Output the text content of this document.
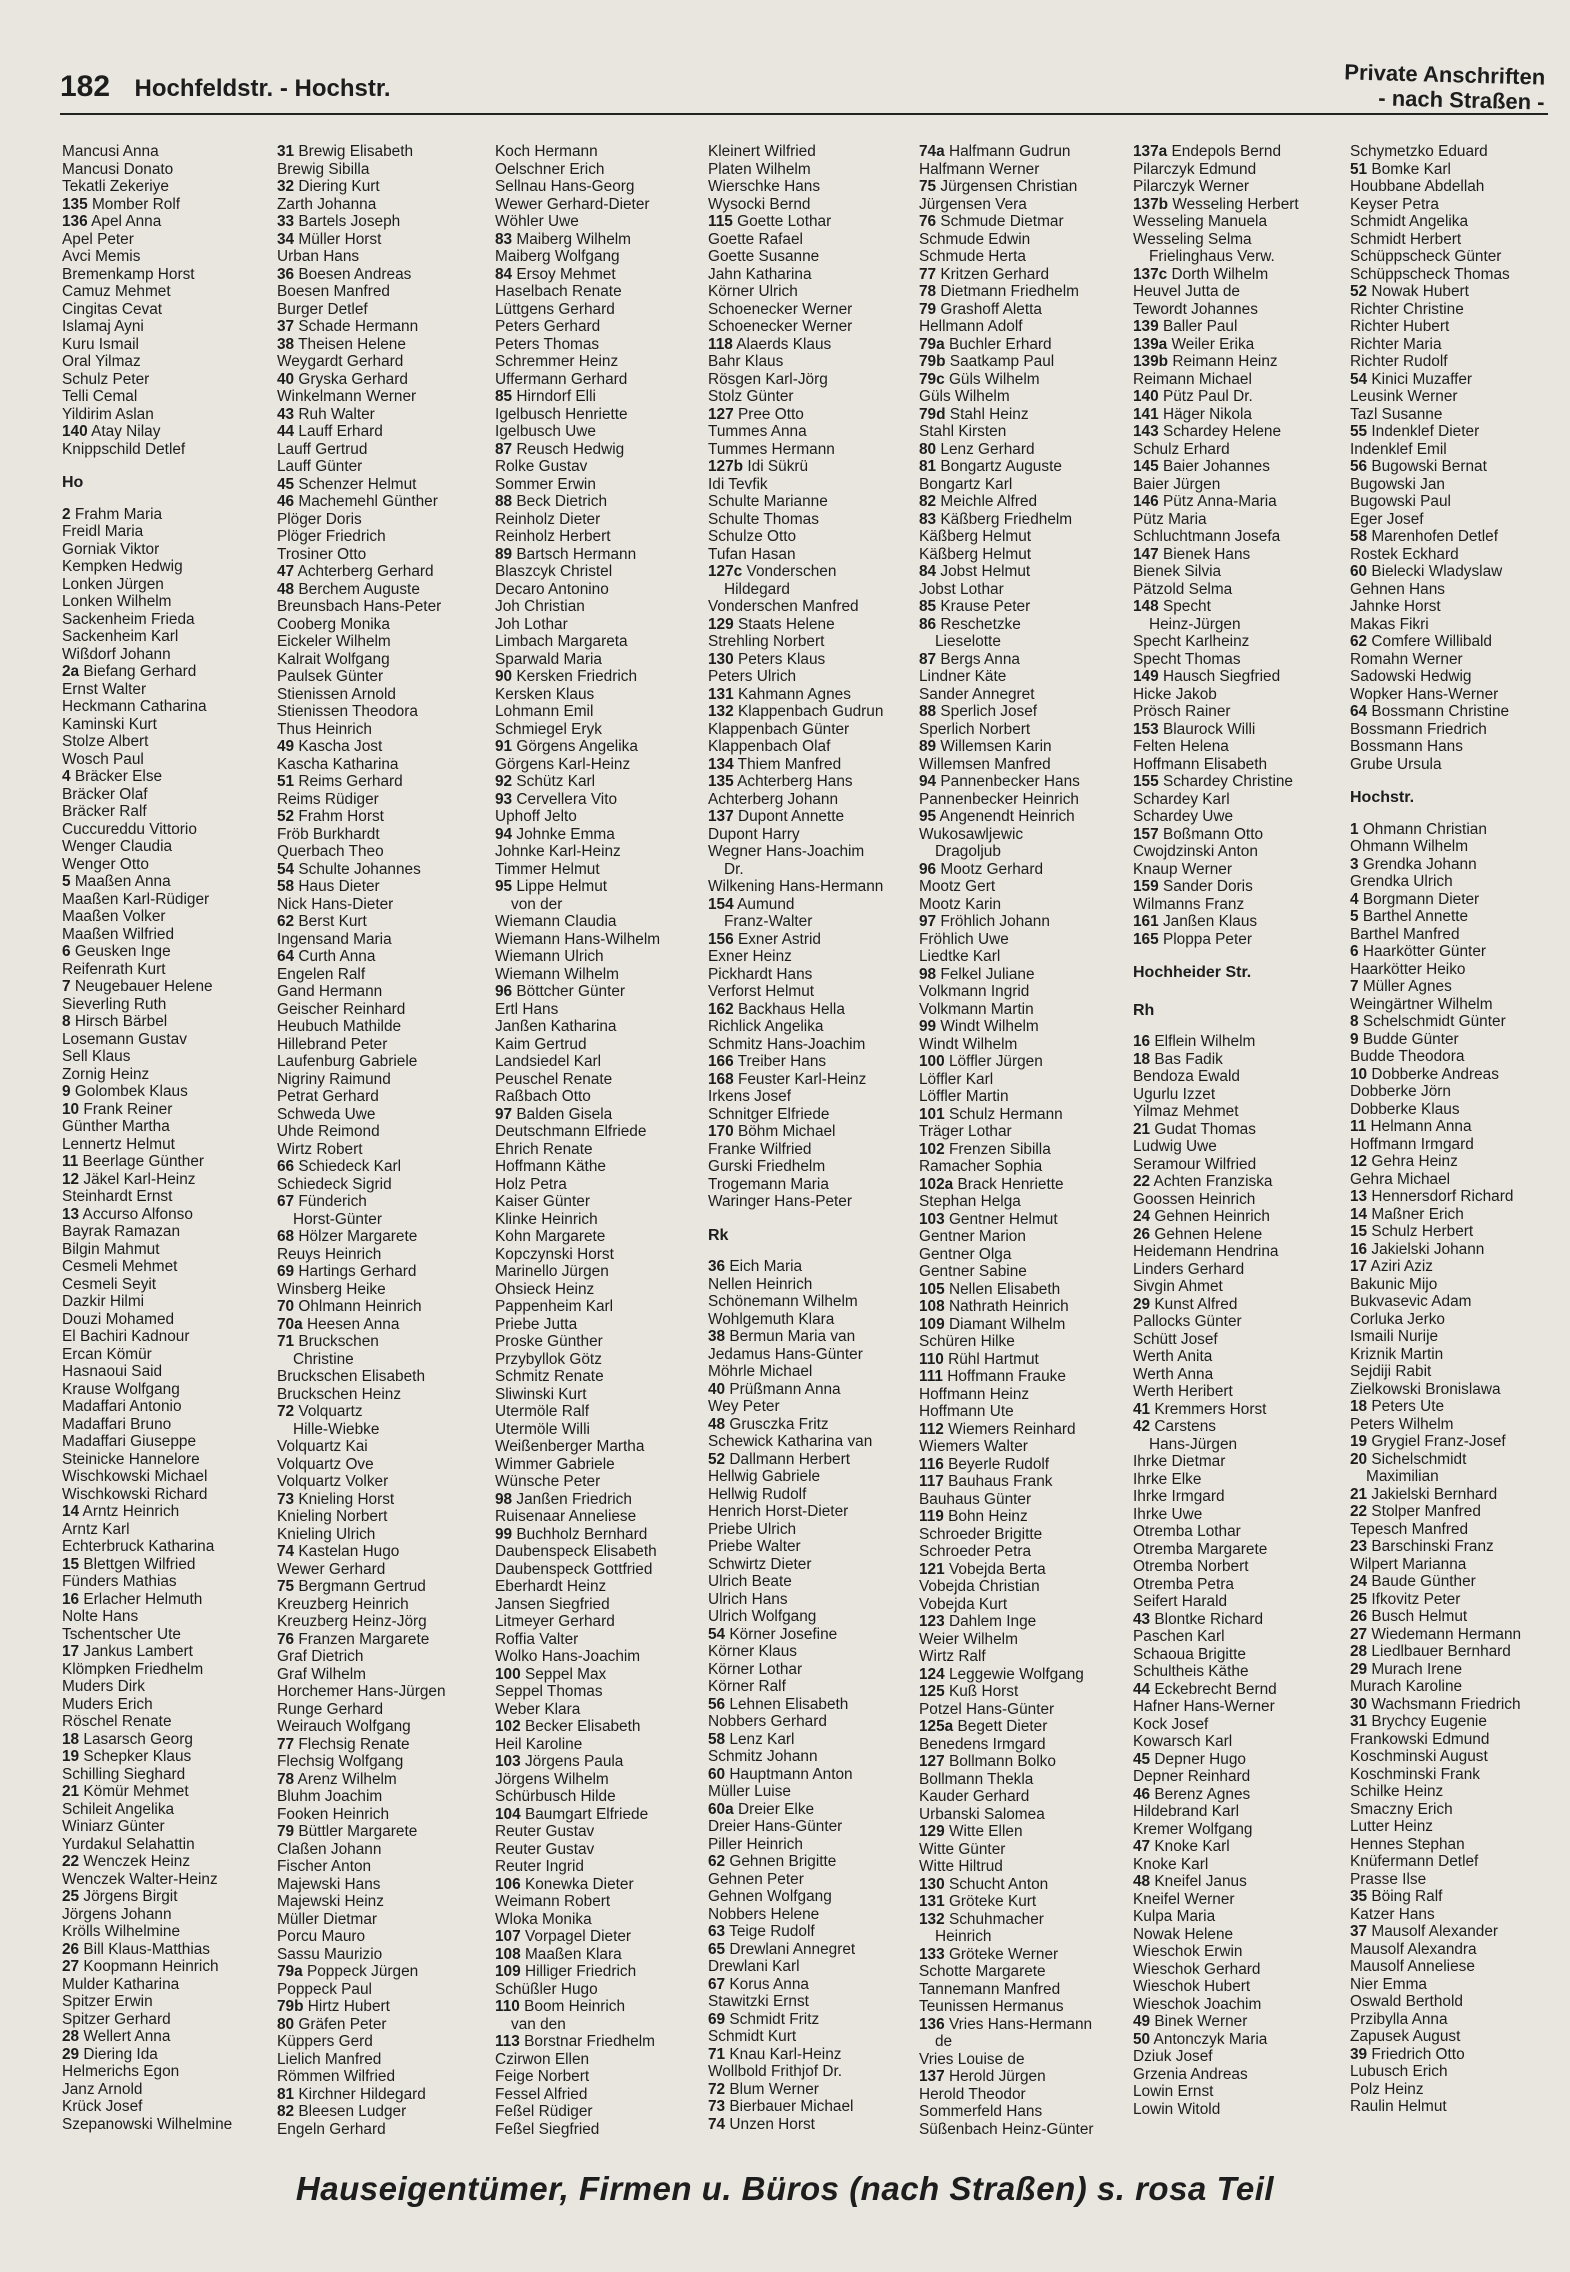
182 Hochfeldstr. - Hochstr.	Private Anschriften
- nach Straßen -
Mancusi Anna
Mancusi Donato
Tekatli Zekeriye
135 Momber Rolf
136 Apel Anna
Apel Peter
Avci Memis
Bremenkamp Horst
Camuz Mehmet
Cingitas Cevat
Islamaj Ayni
Kuru Ismail
Oral Yilmaz
Schulz Peter
Telli Cemal
Yildirim Aslan
140 Atay Nilay
Knippschild Detlef
Ho
2 Frahm Maria
Freidl Maria
Gorniak Viktor
Kempken Hedwig
Lonken Jürgen
Lonken Wilhelm
Sackenheim Frieda
Sackenheim Karl
Wißdorf Johann
2a Biefang Gerhard
Ernst Walter
Heckmann Catharina
Kaminski Kurt
Stolze Albert
Wosch Paul
4 Bräcker Else
Bräcker Olaf
Bräcker Ralf
Cuccureddu Vittorio
Wenger Claudia
Wenger Otto
5 Maaßen Anna
Maaßen Karl-Rüdiger
Maaßen Volker
Maaßen Wilfried
6 Geusken Inge
Reifenrath Kurt
7 Neugebauer Helene
Sieverling Ruth
8 Hirsch Bärbel
Losemann Gustav
Sell Klaus
Zornig Heinz
9 Golombek Klaus
10 Frank Reiner
Günther Martha
Lennertz Helmut
11 Beerlage Günther
12 Jäkel Karl-Heinz
Steinhardt Ernst
13 Accurso Alfonso
Bayrak Ramazan
Bilgin Mahmut
Cesmeli Mehmet
Cesmeli Seyit
Dazkir Hilmi
Douzi Mohamed
El Bachiri Kadnour
Ercan Kömür
Hasnaoui Said
Krause Wolfgang
Madaffari Antonio
Madaffari Bruno
Madaffari Giuseppe
Steinicke Hannelore
Wischkowski Michael
Wischkowski Richard
14 Arntz Heinrich
Arntz Karl
Echterbruck Katharina
15 Blettgen Wilfried
Fünders Mathias
16 Erlacher Helmuth
Nolte Hans
Tschentscher Ute
17 Jankus Lambert
Klömpken Friedhelm
Muders Dirk
Muders Erich
Röschel Renate
18 Lasarsch Georg
19 Schepker Klaus
Schilling Sieghard
21 Kömür Mehmet
Schileit Angelika
Winiarz Günter
Yurdakul Selahattin
22 Wenczek Heinz
Wenczek Walter-Heinz
25 Jörgens Birgit
Jörgens Johann
Krölls Wilhelmine
26 Bill Klaus-Matthias
27 Koopmann Heinrich
Mulder Katharina
Spitzer Erwin
Spitzer Gerhard
28 Wellert Anna
29 Diering Ida
Helmerichs Egon
Janz Arnold
Krück Josef
Szepanowski Wilhelmine
31 Brewig Elisabeth
Brewig Sibilla
32 Diering Kurt
Zarth Johanna
33 Bartels Joseph
34 Müller Horst
Urban Hans
36 Boesen Andreas
Boesen Manfred
Burger Detlef
37 Schade Hermann
38 Theisen Helene
Weygardt Gerhard
40 Gryska Gerhard
Winkelmann Werner
43 Ruh Walter
44 Lauff Erhard
Lauff Gertrud
Lauff Günter
45 Schenzer Helmut
46 Machemehl Günther
Plöger Doris
Plöger Friedrich
Trosiner Otto
47 Achterberg Gerhard
48 Berchem Auguste
Breunsbach Hans-Peter
Cooberg Monika
Eickeler Wilhelm
Kalrait Wolfgang
Paulsek Günter
Stienissen Arnold
Stienissen Theodora
Thus Heinrich
49 Kascha Jost
Kascha Katharina
51 Reims Gerhard
Reims Rüdiger
52 Frahm Horst
Fröb Burkhardt
Querbach Theo
54 Schulte Johannes
58 Haus Dieter
Nick Hans-Dieter
62 Berst Kurt
Ingensand Maria
64 Curth Anna
Engelen Ralf
Gand Hermann
Geischer Reinhard
Heubuch Mathilde
Hillebrand Peter
Laufenburg Gabriele
Nigriny Raimund
Petrat Gerhard
Schweda Uwe
Uhde Reimond
Wirtz Robert
66 Schiedeck Karl
Schiedeck Sigrid
67 Fünderich
Horst-Günter
68 Hölzer Margarete
Reuys Heinrich
69 Hartings Gerhard
Winsberg Heike
70 Ohlmann Heinrich
70a Heesen Anna
71 Bruckschen
Christine
Bruckschen Elisabeth
Bruckschen Heinz
72 Volquartz
Hille-Wiebke
Volquartz Kai
Volquartz Ove
Volquartz Volker
73 Knieling Horst
Knieling Norbert
Knieling Ulrich
74 Kastelan Hugo
Wewer Gerhard
75 Bergmann Gertrud
Kreuzberg Heinrich
Kreuzberg Heinz-Jörg
76 Franzen Margarete
Graf Dietrich
Graf Wilhelm
Horchemer Hans-Jürgen
Runge Gerhard
Weirauch Wolfgang
77 Flechsig Renate
Flechsig Wolfgang
78 Arenz Wilhelm
Bluhm Joachim
Fooken Heinrich
79 Büttler Margarete
Claßen Johann
Fischer Anton
Majewski Hans
Majewski Heinz
Müller Dietmar
Porcu Mauro
Sassu Maurizio
79a Poppeck Jürgen
Poppeck Paul
79b Hirtz Hubert
80 Gräfen Peter
Küppers Gerd
Lielich Manfred
Römmen Wilfried
81 Kirchner Hildegard
82 Bleesen Ludger
Engeln Gerhard
Koch Hermann
Oelschner Erich
Sellnau Hans-Georg
Wewer Gerhard-Dieter
Wöhler Uwe
83 Maiberg Wilhelm
Maiberg Wolfgang
84 Ersoy Mehmet
Haselbach Renate
Lüttgens Gerhard
Peters Gerhard
Peters Thomas
Schremmer Heinz
Uffermann Gerhard
85 Hirndorf Elli
Igelbusch Henriette
Igelbusch Uwe
87 Reusch Hedwig
Rolke Gustav
Sommer Erwin
88 Beck Dietrich
Reinholz Dieter
Reinholz Herbert
89 Bartsch Hermann
Blaszcyk Christel
Decaro Antonino
Joh Christian
Joh Lothar
Limbach Margareta
Sparwald Maria
90 Kersken Friedrich
Kersken Klaus
Lohmann Emil
Schmiegel Eryk
91 Görgens Angelika
Görgens Karl-Heinz
92 Schütz Karl
93 Cervellera Vito
Uphoff Jelto
94 Johnke Emma
Johnke Karl-Heinz
Timmer Helmut
95 Lippe Helmut
von der
Wiemann Claudia
Wiemann Hans-Wilhelm
Wiemann Ulrich
Wiemann Wilhelm
96 Böttcher Günter
Ertl Hans
Janßen Katharina
Kaim Gertrud
Landsiedel Karl
Peuschel Renate
Raßbach Otto
97 Balden Gisela
Deutschmann Elfriede
Ehrich Renate
Hoffmann Käthe
Holz Petra
Kaiser Günter
Klinke Heinrich
Kohn Margarete
Kopczynski Horst
Marinello Jürgen
Ohsieck Heinz
Pappenheim Karl
Priebe Jutta
Proske Günther
Przybyllok Götz
Schmitz Renate
Sliwinski Kurt
Utermöle Ralf
Utermöle Willi
Weißenberger Martha
Wimmer Gabriele
Wünsche Peter
98 Janßen Friedrich
Ruisenaar Anneliese
99 Buchholz Bernhard
Daubenspeck Elisabeth
Daubenspeck Gottfried
Eberhardt Heinz
Jansen Siegfried
Litmeyer Gerhard
Roffia Valter
Wolko Hans-Joachim
100 Seppel Max
Seppel Thomas
Weber Klara
102 Becker Elisabeth
Heil Karoline
103 Jörgens Paula
Jörgens Wilhelm
Schürbusch Hilde
104 Baumgart Elfriede
Reuter Gustav
Reuter Gustav
Reuter Ingrid
106 Konewka Dieter
Weimann Robert
Wloka Monika
107 Vorpagel Dieter
108 Maaßen Klara
109 Hilliger Friedrich
Schüßler Hugo
110 Boom Heinrich
van den
113 Borstnar Friedhelm
Czirwon Ellen
Feige Norbert
Fessel Alfried
Feßel Rüdiger
Feßel Siegfried
Kleinert Wilfried
Platen Wilhelm
Wierschke Hans
Wysocki Bernd
115 Goette Lothar
Goette Rafael
Goette Susanne
Jahn Katharina
Körner Ulrich
Schoenecker Werner
Schoenecker Werner
118 Alaerds Klaus
Bahr Klaus
Rösgen Karl-Jörg
Stolz Günter
127 Pree Otto
Tummes Anna
Tummes Hermann
127b Idi Sükrü
Idi Tevfik
Schulte Marianne
Schulte Thomas
Schulze Otto
Tufan Hasan
127c Vonderschen
Hildegard
Vonderschen Manfred
129 Staats Helene
Strehling Norbert
130 Peters Klaus
Peters Ulrich
131 Kahmann Agnes
132 Klappenbach Gudrun
Klappenbach Günter
Klappenbach Olaf
134 Thiem Manfred
135 Achterberg Hans
Achterberg Johann
137 Dupont Annette
Dupont Harry
Wegner Hans-Joachim
Dr.
Wilkening Hans-Hermann
154 Aumund
Franz-Walter
156 Exner Astrid
Exner Heinz
Pickhardt Hans
Verforst Helmut
162 Backhaus Hella
Richlick Angelika
Schmitz Hans-Joachim
166 Treiber Hans
168 Feuster Karl-Heinz
Irkens Josef
Schnitger Elfriede
170 Böhm Michael
Franke Wilfried
Gurski Friedhelm
Trogemann Maria
Waringer Hans-Peter
Rk
36 Eich Maria
Nellen Heinrich
Schönemann Wilhelm
Wohlgemuth Klara
38 Bermun Maria van
Jedamus Hans-Günter
Möhrle Michael
40 Prüßmann Anna
Wey Peter
48 Grusczka Fritz
Schewick Katharina van
52 Dallmann Herbert
Hellwig Gabriele
Hellwig Rudolf
Henrich Horst-Dieter
Priebe Ulrich
Priebe Walter
Schwirtz Dieter
Ulrich Beate
Ulrich Hans
Ulrich Wolfgang
54 Körner Josefine
Körner Klaus
Körner Lothar
Körner Ralf
56 Lehnen Elisabeth
Nobbers Gerhard
58 Lenz Karl
Schmitz Johann
60 Hauptmann Anton
Müller Luise
60a Dreier Elke
Dreier Hans-Günter
Piller Heinrich
62 Gehnen Brigitte
Gehnen Peter
Gehnen Wolfgang
Nobbers Helene
63 Teige Rudolf
65 Drewlani Annegret
Drewlani Karl
67 Korus Anna
Stawitzki Ernst
69 Schmidt Fritz
Schmidt Kurt
71 Knau Karl-Heinz
Wollbold Frithjof Dr.
72 Blum Werner
73 Bierbauer Michael
74 Unzen Horst
74a Halfmann Gudrun
Halfmann Werner
75 Jürgensen Christian
Jürgensen Vera
76 Schmude Dietmar
Schmude Edwin
Schmude Herta
77 Kritzen Gerhard
78 Dietmann Friedhelm
79 Grashoff Aletta
Hellmann Adolf
79a Buchler Erhard
79b Saatkamp Paul
79c Güls Wilhelm
Güls Wilhelm
79d Stahl Heinz
Stahl Kirsten
80 Lenz Gerhard
81 Bongartz Auguste
Bongartz Karl
82 Meichle Alfred
83 Käßberg Friedhelm
Käßberg Helmut
Käßberg Helmut
84 Jobst Helmut
Jobst Lothar
85 Krause Peter
86 Reschetzke
Lieselotte
87 Bergs Anna
Lindner Käte
Sander Annegret
88 Sperlich Josef
Sperlich Norbert
89 Willemsen Karin
Willemsen Manfred
94 Pannenbecker Hans
Pannenbecker Heinrich
95 Angenendt Heinrich
Wukosawljewic
Dragoljub
96 Mootz Gerhard
Mootz Gert
Mootz Karin
97 Fröhlich Johann
Fröhlich Uwe
Liedtke Karl
98 Felkel Juliane
Volkmann Ingrid
Volkmann Martin
99 Windt Wilhelm
Windt Wilhelm
100 Löffler Jürgen
Löffler Karl
Löffler Martin
101 Schulz Hermann
Träger Lothar
102 Frenzen Sibilla
Ramacher Sophia
102a Brack Henriette
Stephan Helga
103 Gentner Helmut
Gentner Marion
Gentner Olga
Gentner Sabine
105 Nellen Elisabeth
108 Nathrath Heinrich
109 Diamant Wilhelm
Schüren Hilke
110 Rühl Hartmut
111 Hoffmann Frauke
Hoffmann Heinz
Hoffmann Ute
112 Wiemers Reinhard
Wiemers Walter
116 Beyerle Rudolf
117 Bauhaus Frank
Bauhaus Günter
119 Bohn Heinz
Schroeder Brigitte
Schroeder Petra
121 Vobejda Berta
Vobejda Christian
Vobejda Kurt
123 Dahlem Inge
Weier Wilhelm
Wirtz Ralf
124 Leggewie Wolfgang
125 Kuß Horst
Potzel Hans-Günter
125a Begett Dieter
Benedens Irmgard
127 Bollmann Bolko
Bollmann Thekla
Kauder Gerhard
Urbanski Salomea
129 Witte Ellen
Witte Günter
Witte Hiltrud
130 Schucht Anton
131 Gröteke Kurt
132 Schuhmacher
Heinrich
133 Gröteke Werner
Schotte Margarete
Tannemann Manfred
Teunissen Hermanus
136 Vries Hans-Hermann
de
Vries Louise de
137 Herold Jürgen
Herold Theodor
Sommerfeld Hans
Süßenbach Heinz-Günter
137a Endepols Bernd
Pilarczyk Edmund
Pilarczyk Werner
137b Wesseling Herbert
Wesseling Manuela
Wesseling Selma
Frielinghaus Verw.
137c Dorth Wilhelm
Heuvel Jutta de
Tewordt Johannes
139 Baller Paul
139a Weiler Erika
139b Reimann Heinz
Reimann Michael
140 Pütz Paul Dr.
141 Häger Nikola
143 Schardey Helene
Schulz Erhard
145 Baier Johannes
Baier Jürgen
146 Pütz Anna-Maria
Pütz Maria
Schluchtmann Josefa
147 Bienek Hans
Bienek Silvia
Pätzold Selma
148 Specht
Heinz-Jürgen
Specht Karlheinz
Specht Thomas
149 Hausch Siegfried
Hicke Jakob
Prösch Rainer
153 Blaurock Willi
Felten Helena
Hoffmann Elisabeth
155 Schardey Christine
Schardey Karl
Schardey Uwe
157 Boßmann Otto
Cwojdzinski Anton
Knaup Werner
159 Sander Doris
Wilmanns Franz
161 Janßen Klaus
165 Ploppa Peter
Hochheider Str.
Rh
16 Elflein Wilhelm
18 Bas Fadik
Bendoza Ewald
Ugurlu Izzet
Yilmaz Mehmet
21 Gudat Thomas
Ludwig Uwe
Seramour Wilfried
22 Achten Franziska
Goossen Heinrich
24 Gehnen Heinrich
26 Gehnen Helene
Heidemann Hendrina
Linders Gerhard
Sivgin Ahmet
29 Kunst Alfred
Pallocks Günter
Schütt Josef
Werth Anita
Werth Anna
Werth Heribert
41 Kremmers Horst
42 Carstens
Hans-Jürgen
Ihrke Dietmar
Ihrke Elke
Ihrke Irmgard
Ihrke Uwe
Otremba Lothar
Otremba Margarete
Otremba Norbert
Otremba Petra
Seifert Harald
43 Blontke Richard
Paschen Karl
Schaoua Brigitte
Schultheis Käthe
44 Eckebrecht Bernd
Hafner Hans-Werner
Kock Josef
Kowarsch Karl
45 Depner Hugo
Depner Reinhard
46 Berenz Agnes
Hildebrand Karl
Kremer Wolfgang
47 Knoke Karl
Knoke Karl
48 Kneifel Janus
Kneifel Werner
Kulpa Maria
Nowak Helene
Wieschok Erwin
Wieschok Gerhard
Wieschok Hubert
Wieschok Joachim
49 Binek Werner
50 Antonczyk Maria
Dziuk Josef
Grzenia Andreas
Lowin Ernst
Lowin Witold
Schymetzko Eduard
51 Bomke Karl
Houbbane Abdellah
Keyser Petra
Schmidt Angelika
Schmidt Herbert
Schüppscheck Günter
Schüppscheck Thomas
52 Nowak Hubert
Richter Christine
Richter Hubert
Richter Maria
Richter Rudolf
54 Kinici Muzaffer
Leusink Werner
Tazl Susanne
55 Indenklef Dieter
Indenklef Emil
56 Bugowski Bernat
Bugowski Jan
Bugowski Paul
Eger Josef
58 Marenhofen Detlef
Rostek Eckhard
60 Bielecki Wladyslaw
Gehnen Hans
Jahnke Horst
Makas Fikri
62 Comfere Willibald
Romahn Werner
Sadowski Hedwig
Wopker Hans-Werner
64 Bossmann Christine
Bossmann Friedrich
Bossmann Hans
Grube Ursula
Hochstr.
1 Ohmann Christian
Ohmann Wilhelm
3 Grendka Johann
Grendka Ulrich
4 Borgmann Dieter
5 Barthel Annette
Barthel Manfred
6 Haarkötter Günter
Haarkötter Heiko
7 Müller Agnes
Weingärtner Wilhelm
8 Schelschmidt Günter
9 Budde Günter
Budde Theodora
10 Dobberke Andreas
Dobberke Jörn
Dobberke Klaus
11 Helmann Anna
Hoffmann Irmgard
12 Gehra Heinz
Gehra Michael
13 Hennersdorf Richard
14 Maßner Erich
15 Schulz Herbert
16 Jakielski Johann
17 Aziri Aziz
Bakunic Mijo
Bukvasevic Adam
Corluka Jerko
Ismaili Nurije
Kriznik Martin
Sejdiji Rabit
Zielkowski Bronislawa
18 Peters Ute
Peters Wilhelm
19 Grygiel Franz-Josef
20 Sichelschmidt
Maximilian
21 Jakielski Bernhard
22 Stolper Manfred
Tepesch Manfred
23 Barschinski Franz
Wilpert Marianna
24 Baude Günther
25 Ifkovitz Peter
26 Busch Helmut
27 Wiedemann Hermann
28 Liedlbauer Bernhard
29 Murach Irene
Murach Karoline
30 Wachsmann Friedrich
31 Brychcy Eugenie
Frankowski Edmund
Koschminski August
Koschminski Frank
Schilke Heinz
Smaczny Erich
Lutter Heinz
Hennes Stephan
Knüfermann Detlef
Prasse Ilse
35 Böing Ralf
Katzer Hans
37 Mausolf Alexander
Mausolf Alexandra
Mausolf Anneliese
Nier Emma
Oswald Berthold
Przibylla Anna
Zapusek August
39 Friedrich Otto
Lubusch Erich
Polz Heinz
Raulin Helmut
Hauseigentümer, Firmen u. Büros (nach Straßen) s. rosa Teil
